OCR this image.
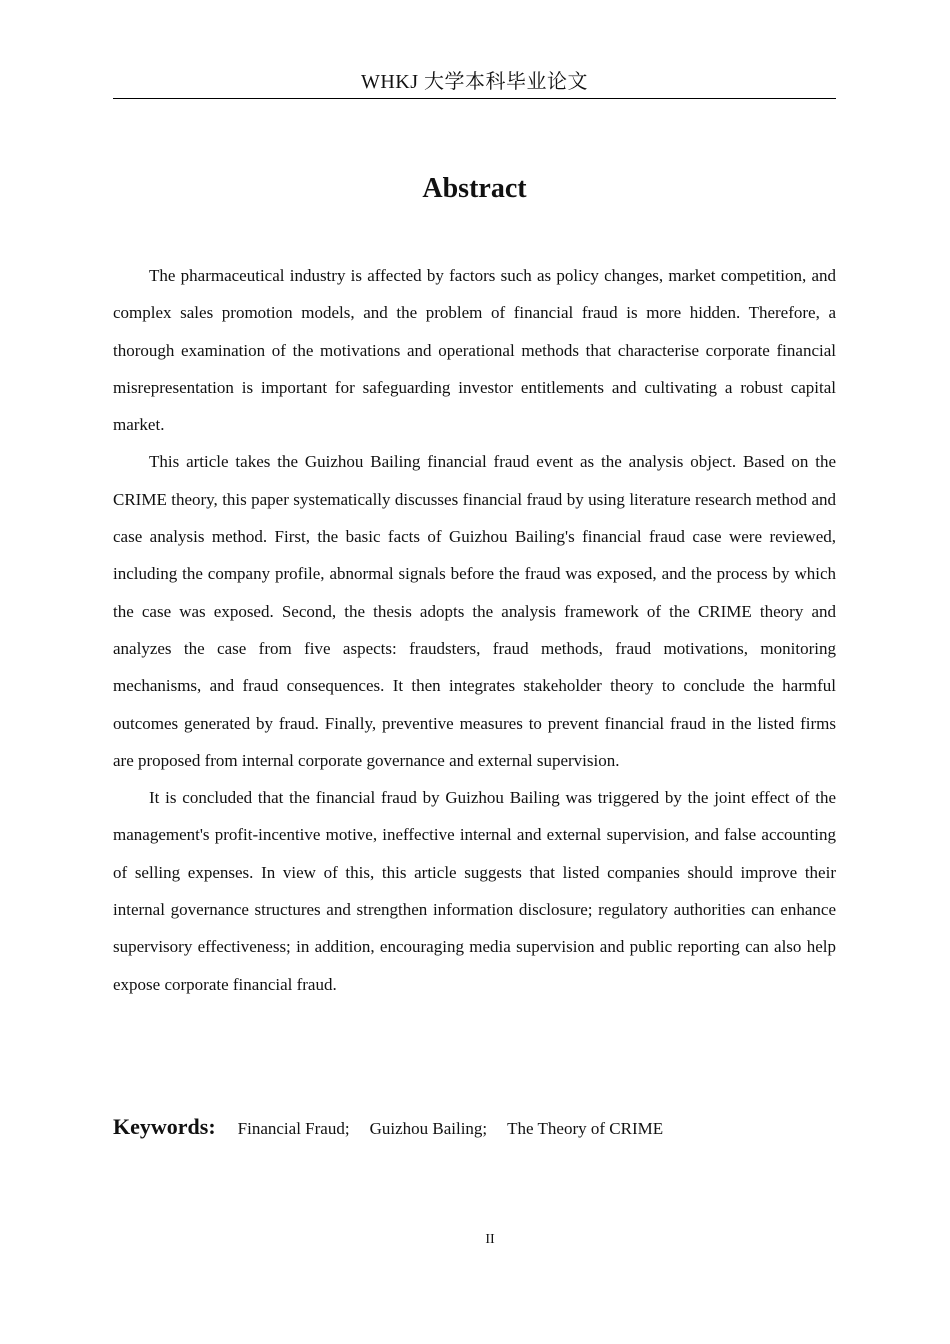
WHKJ 大学本科毕业论文
Abstract

The pharmaceutical industry is affected by factors such as policy changes, market competition, and complex sales promotion models, and the problem of financial fraud is more hidden. Therefore, a thorough examination of the motivations and operational methods that characterise corporate financial misrepresentation is important for safeguarding investor entitlements and cultivating a robust capital market.

This article takes the Guizhou Bailing financial fraud event as the analysis object. Based on the CRIME theory, this paper systematically discusses financial fraud by using literature research method and case analysis method. First, the basic facts of Guizhou Bailing's financial fraud case were reviewed, including the company profile, abnormal signals before the fraud was exposed, and the process by which the case was exposed. Second, the thesis adopts the analysis framework of the CRIME theory and analyzes the case from five aspects: fraudsters, fraud methods, fraud motivations, monitoring mechanisms, and fraud consequences. It then integrates stakeholder theory to conclude the harmful outcomes generated by fraud. Finally, preventive measures to prevent financial fraud in the listed firms are proposed from internal corporate governance and external supervision.

It is concluded that the financial fraud by Guizhou Bailing was triggered by the joint effect of the management's profit-incentive motive, ineffective internal and external supervision, and false accounting of selling expenses. In view of this, this article suggests that listed companies should improve their internal governance structures and strengthen information disclosure; regulatory authorities can enhance supervisory effectiveness; in addition, encouraging media supervision and public reporting can also help expose corporate financial fraud.

Keywords: Financial Fraud; Guizhou Bailing; The Theory of CRIME
II
